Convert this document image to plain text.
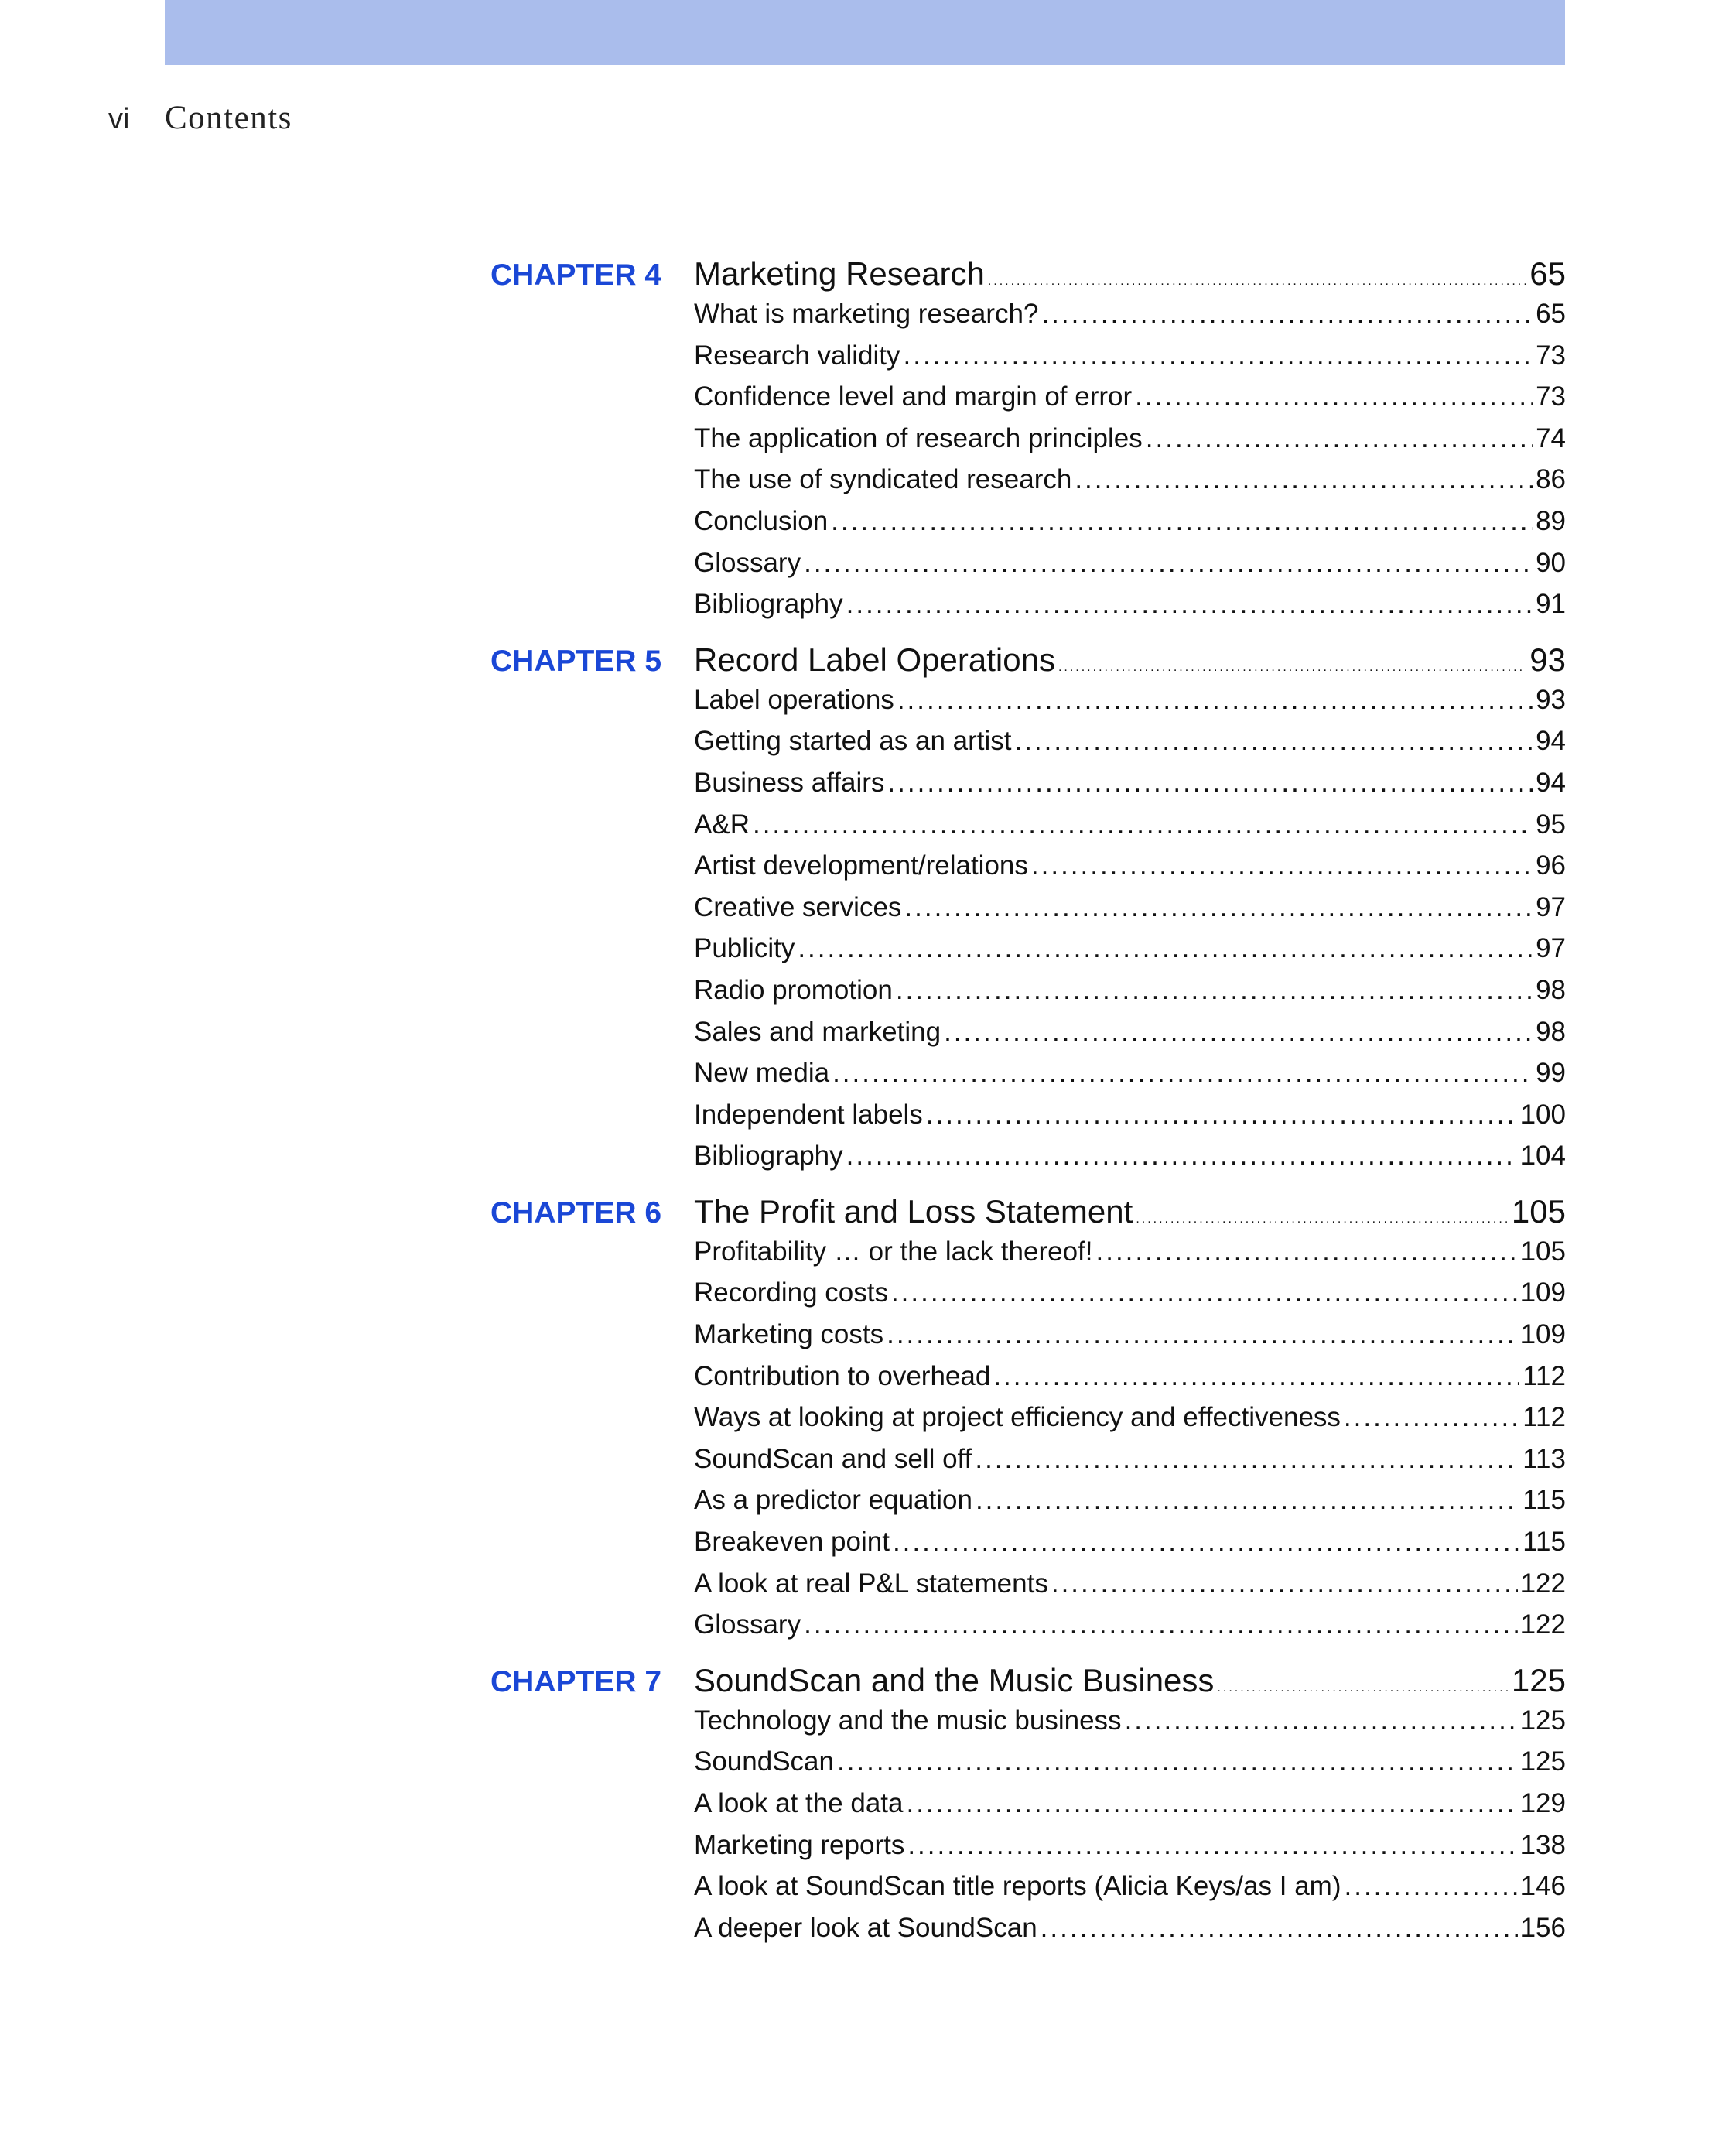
vi	Contents
CHAPTER 4 Marketing Research .....	65
What is marketing research? .....	65
Research validity .....	73
Confidence level and margin of error .....	73
The application of research principles .....	74
The use of syndicated research .....	86
Conclusion .....	89
Glossary .....	90
Bibliography .....	91
CHAPTER 5 Record Label Operations .....	93
Label operations .....	93
Getting started as an artist .....	94
Business affairs .....	94
A&R .....	95
Artist development/relations .....	96
Creative services .....	97
Publicity .....	97
Radio promotion .....	98
Sales and marketing .....	98
New media .....	99
Independent labels .....	100
Bibliography .....	104
CHAPTER 6 The Profit and Loss Statement .....	105
Profitability … or the lack thereof! .....	105
Recording costs .....	109
Marketing costs .....	109
Contribution to overhead .....	112
Ways at looking at project efficiency and effectiveness .....	112
SoundScan and sell off .....	113
As a predictor equation .....	115
Breakeven point .....	115
A look at real P&L statements .....	122
Glossary .....	122
CHAPTER 7 SoundScan and the Music Business .....	125
Technology and the music business .....	125
SoundScan .....	125
A look at the data .....	129
Marketing reports .....	138
A look at SoundScan title reports (Alicia Keys/as I am) .....	146
A deeper look at SoundScan .....	156
